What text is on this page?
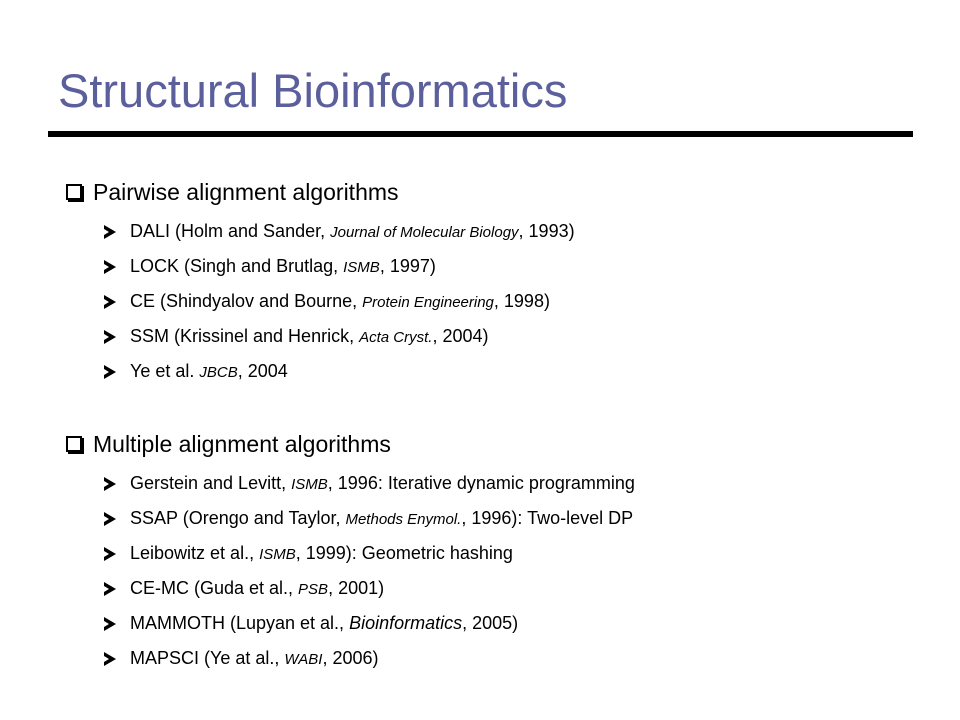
Structural Bioinformatics
Pairwise alignment algorithms
DALI (Holm and Sander, Journal of Molecular Biology, 1993)
LOCK (Singh and Brutlag, ISMB, 1997)
CE (Shindyalov and Bourne, Protein Engineering, 1998)
SSM (Krissinel and Henrick, Acta Cryst., 2004)
Ye et al. JBCB, 2004
Multiple alignment algorithms
Gerstein and Levitt, ISMB, 1996: Iterative dynamic programming
SSAP (Orengo and Taylor, Methods Enymol., 1996): Two-level DP
Leibowitz et al., ISMB, 1999): Geometric hashing
CE-MC (Guda et al., PSB, 2001)
MAMMOTH (Lupyan et al., Bioinformatics, 2005)
MAPSCI (Ye at al., WABI, 2006)
